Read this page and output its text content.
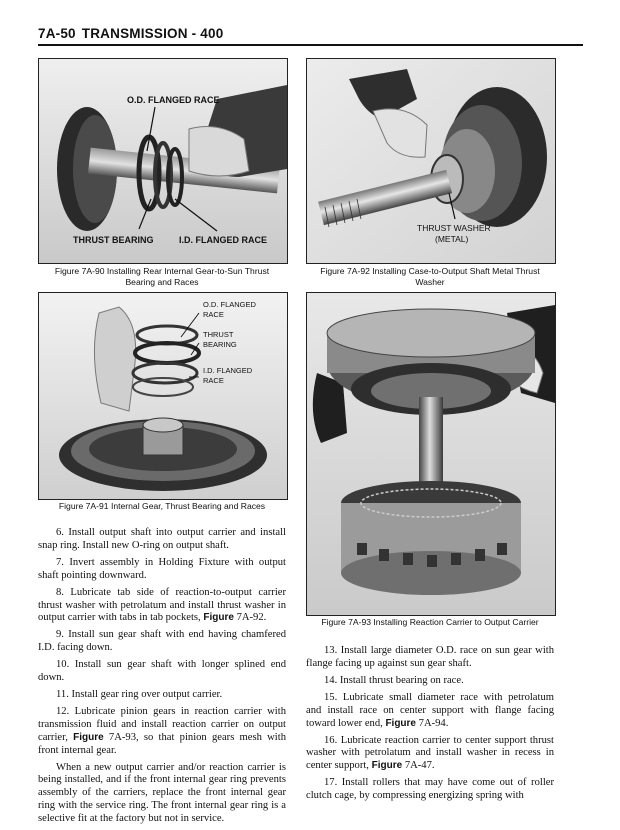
7A-50 TRANSMISSION - 400
O.D. FLANGED RACE
THRUST BEARING	I.D. FLANGED RACE
Figure 7A-90 Installing Rear Internal Gear-to-Sun Thrust Bearing and Races
THRUST WASHER
(METAL)
Figure 7A-92 Installing Case-to-Output Shaft Metal Thrust Washer
O.D. FLANGED
RACE
THRUST
BEARING
I.D. FLANGED
RACE
Figure 7A-91 Internal Gear, Thrust Bearing and Races
Figure 7A-93 Installing Reaction Carrier to Output Carrier

6. Install output shaft into output carrier and install snap ring. Install new O-ring on output shaft.

7. Invert assembly in Holding Fixture with output shaft pointing downward.

8. Lubricate tab side of reaction-to-output carrier thrust washer with petrolatum and install thrust washer in output carrier with tabs in tab pockets, Figure 7A-92.

9. Install sun gear shaft with end having chamfered I.D. facing down.

10. Install sun gear shaft with longer splined end down.

11. Install gear ring over output carrier.

12. Lubricate pinion gears in reaction carrier with transmission fluid and install reaction carrier on output carrier, Figure 7A-93, so that pinion gears mesh with front internal gear.

When a new output carrier and/or reaction carrier is being installed, and if the front internal gear ring prevents assembly of the carriers, replace the front internal gear ring with the service ring. The front internal gear ring is a selective fit at the factory but not in service.

13. Install large diameter O.D. race on sun gear with flange facing up against sun gear shaft.

14. Install thrust bearing on race.

15. Lubricate small diameter race with petrolatum and install race on center support with flange facing toward lower end, Figure 7A-94.

16. Lubricate reaction carrier to center support thrust washer with petrolatum and install washer in recess in center support, Figure 7A-47.

17. Install rollers that may have come out of roller clutch cage, by compressing energizing spring with
